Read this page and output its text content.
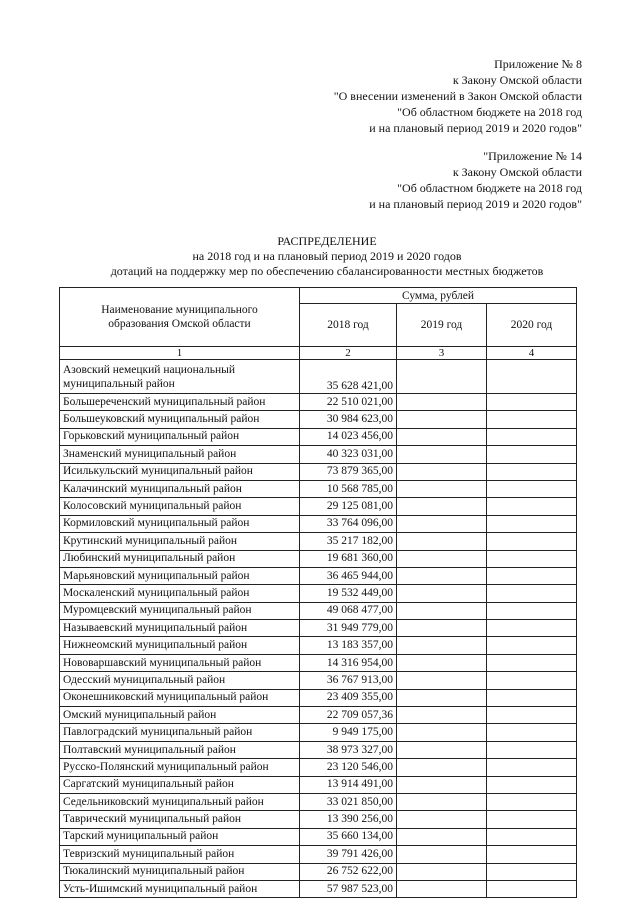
Приложение № 8
к Закону Омской области
"О внесении изменений в Закон Омской области
"Об областном бюджете на 2018 год
и на плановый период 2019 и 2020 годов"
"Приложение № 14
к Закону Омской области
"Об областном бюджете на 2018 год
и на плановый период 2019 и 2020 годов"
РАСПРЕДЕЛЕНИЕ
на 2018 год и на плановый период 2019 и 2020 годов
дотаций на поддержку мер по обеспечению сбалансированности местных бюджетов
Наименование муниципального образования Омской области	Сумма, рублей		
	2018 год	2019 год	2020 год
1	2	3	4
Азовский немецкий национальный муниципальный район	35 628 421,00		
Большереченский муниципальный район	22 510 021,00		
Большеуковский муниципальный район	30 984 623,00		
Горьковский муниципальный район	14 023 456,00		
Знаменский муниципальный район	40 323 031,00		
Исилькульский муниципальный район	73 879 365,00		
Калачинский муниципальный район	10 568 785,00		
Колосовский муниципальный район	29 125 081,00		
Кормиловский муниципальный район	33 764 096,00		
Крутинский муниципальный район	35 217 182,00		
Любинский муниципальный район	19 681 360,00		
Марьяновский муниципальный район	36 465 944,00		
Москаленский муниципальный район	19 532 449,00		
Муромцевский муниципальный район	49 068 477,00		
Называевский муниципальный район	31 949 779,00		
Нижнеомский муниципальный район	13 183 357,00		
Нововаршавский муниципальный район	14 316 954,00		
Одесский муниципальный район	36 767 913,00		
Оконешниковский муниципальный район	23 409 355,00		
Омский муниципальный район	22 709 057,36		
Павлоградский муниципальный район	9 949 175,00		
Полтавский муниципальный район	38 973 327,00		
Русско-Полянский муниципальный район	23 120 546,00		
Саргатский муниципальный район	13 914 491,00		
Седельниковский муниципальный район	33 021 850,00		
Таврический муниципальный район	13 390 256,00		
Тарский муниципальный район	35 660 134,00		
Тевризский муниципальный район	39 791 426,00		
Тюкалинский муниципальный район	26 752 622,00		
Усть-Ишимский муниципальный район	57 987 523,00		
